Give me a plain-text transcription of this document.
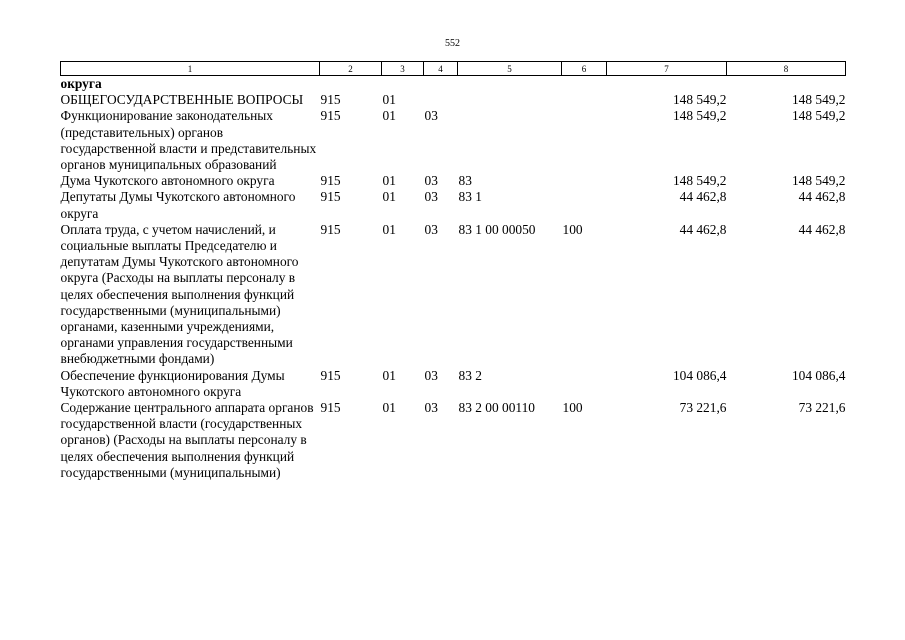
552
1	2	3	4	5	6	7	8
округа							
ОБЩЕГОСУДАРСТВЕННЫЕ ВОПРОСЫ	915	01				148 549,2	148 549,2
Функционирование законодательных (представительных) органов государственной власти и представительных органов муниципальных образований	915	01	03			148 549,2	148 549,2
Дума Чукотского автономного округа	915	01	03	83		148 549,2	148 549,2
Депутаты Думы Чукотского автономного округа	915	01	03	83 1		44 462,8	44 462,8
Оплата труда, с учетом начислений, и социальные выплаты Председателю и депутатам Думы Чукотского автономного округа (Расходы на выплаты персоналу в целях обеспечения выполнения функций государственными (муниципальными) органами, казенными учреждениями, органами управления государственными внебюджетными фондами)	915	01	03	83 1 00 00050	100	44 462,8	44 462,8
Обеспечение функционирования Думы Чукотского автономного округа	915	01	03	83 2		104 086,4	104 086,4
Содержание центрального аппарата органов государственной власти (государственных органов) (Расходы на выплаты персоналу в целях обеспечения выполнения функций государственными (муниципальными)	915	01	03	83 2 00 00110	100	73 221,6	73 221,6
